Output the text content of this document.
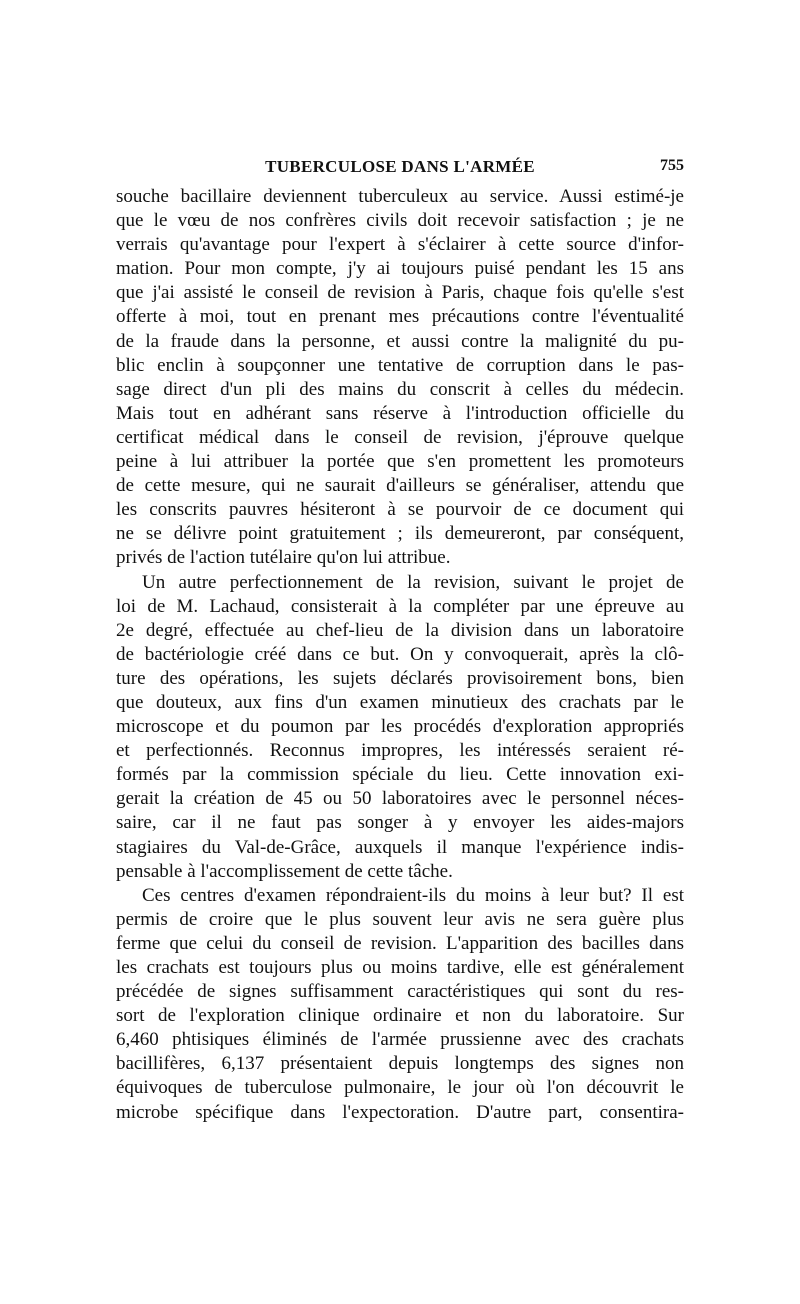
TUBERCULOSE DANS L'ARMÉE	755
souche bacillaire deviennent tuberculeux au service. Aussi estimé-je
que le vœu de nos confrères civils doit recevoir satisfaction ; je ne
verrais qu'avantage pour l'expert à s'éclairer à cette source d'infor-
mation. Pour mon compte, j'y ai toujours puisé pendant les 15 ans
que j'ai assisté le conseil de revision à Paris, chaque fois qu'elle s'est
offerte à moi, tout en prenant mes précautions contre l'éventualité
de la fraude dans la personne, et aussi contre la malignité du pu-
blic enclin à soupçonner une tentative de corruption dans le pas-
sage direct d'un pli des mains du conscrit à celles du médecin.
Mais tout en adhérant sans réserve à l'introduction officielle du
certificat médical dans le conseil de revision, j'éprouve quelque
peine à lui attribuer la portée que s'en promettent les promoteurs
de cette mesure, qui ne saurait d'ailleurs se généraliser, attendu que
les conscrits pauvres hésiteront à se pourvoir de ce document qui
ne se délivre point gratuitement ; ils demeureront, par conséquent,
privés de l'action tutélaire qu'on lui attribue.
Un autre perfectionnement de la revision, suivant le projet de
loi de M. Lachaud, consisterait à la compléter par une épreuve au
2e degré, effectuée au chef-lieu de la division dans un laboratoire
de bactériologie créé dans ce but. On y convoquerait, après la clô-
ture des opérations, les sujets déclarés provisoirement bons, bien
que douteux, aux fins d'un examen minutieux des crachats par le
microscope et du poumon par les procédés d'exploration appropriés
et perfectionnés. Reconnus impropres, les intéressés seraient ré-
formés par la commission spéciale du lieu. Cette innovation exi-
gerait la création de 45 ou 50 laboratoires avec le personnel néces-
saire, car il ne faut pas songer à y envoyer les aides-majors
stagiaires du Val-de-Grâce, auxquels il manque l'expérience indis-
pensable à l'accomplissement de cette tâche.
Ces centres d'examen répondraient-ils du moins à leur but? Il est
permis de croire que le plus souvent leur avis ne sera guère plus
ferme que celui du conseil de revision. L'apparition des bacilles dans
les crachats est toujours plus ou moins tardive, elle est généralement
précédée de signes suffisamment caractéristiques qui sont du res-
sort de l'exploration clinique ordinaire et non du laboratoire. Sur
6,460 phtisiques éliminés de l'armée prussienne avec des crachats
bacillifères, 6,137 présentaient depuis longtemps des signes non
équivoques de tuberculose pulmonaire, le jour où l'on découvrit le
microbe spécifique dans l'expectoration. D'autre part, consentira-
